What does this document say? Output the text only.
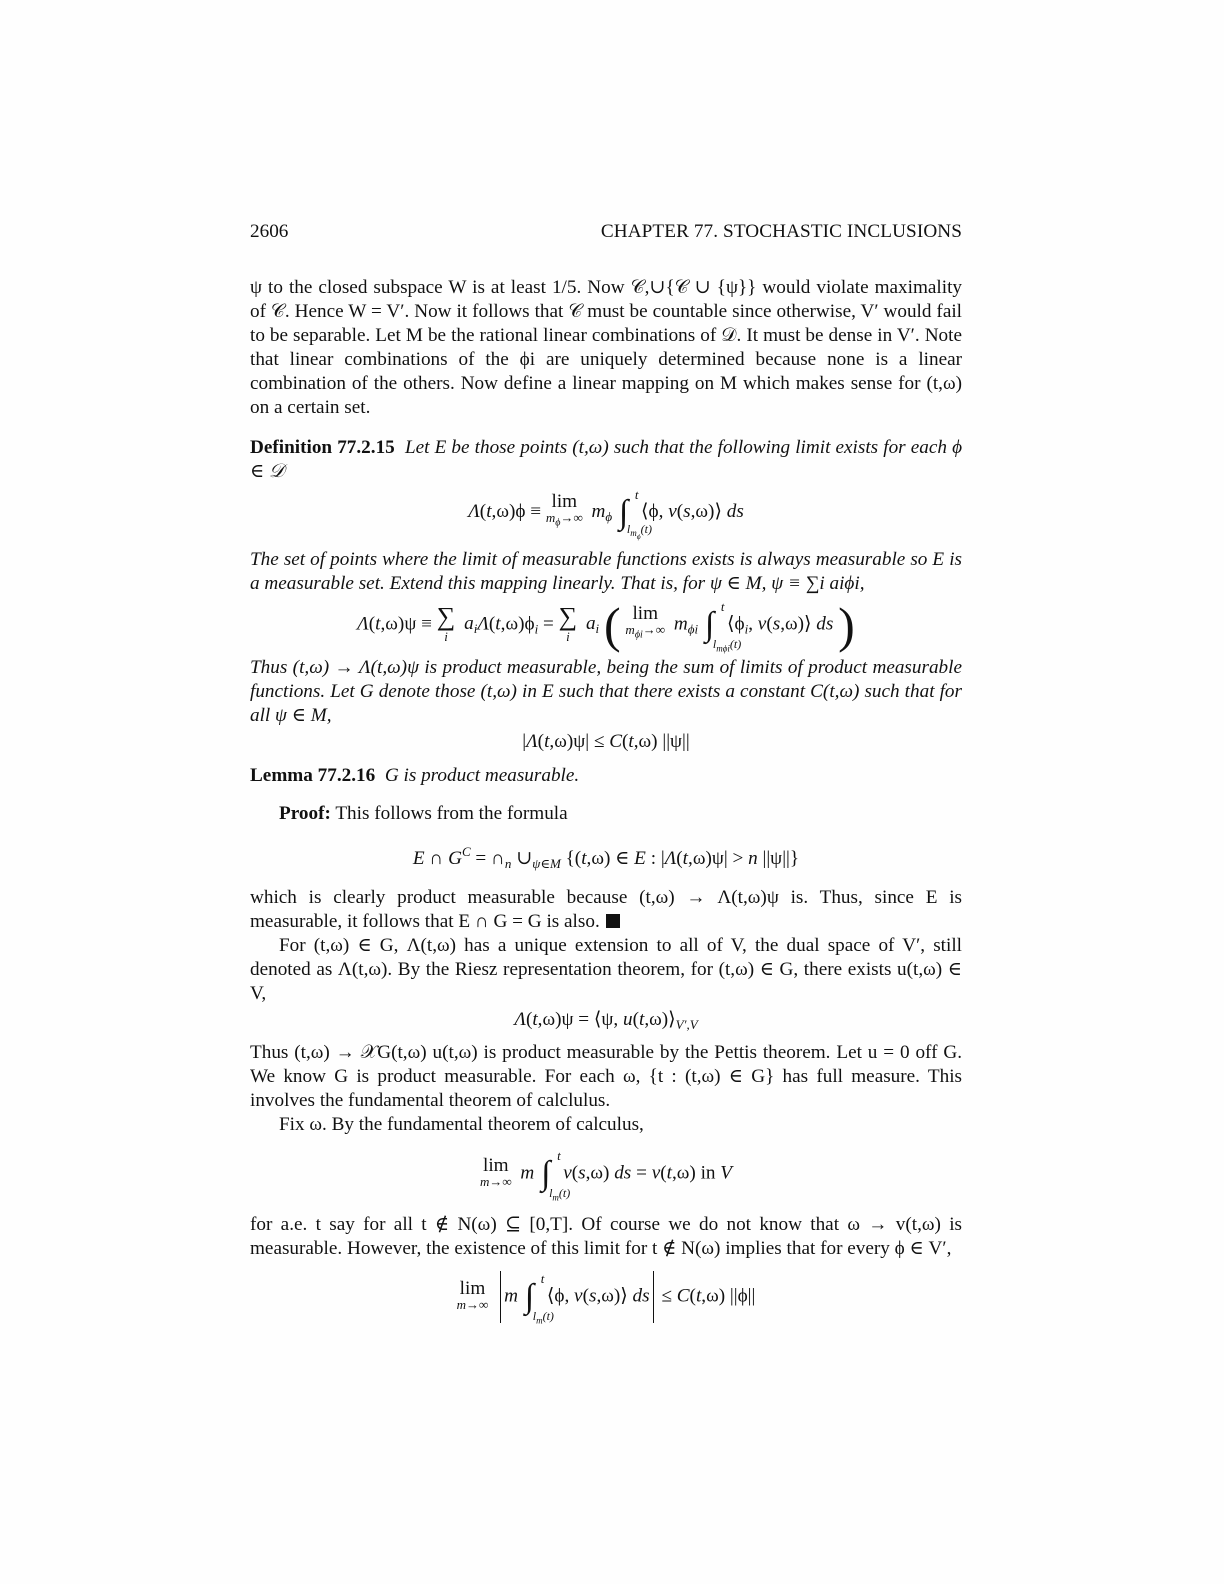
2606	CHAPTER 77. STOCHASTIC INCLUSIONS

ψ to the closed subspace W is at least 1/5. Now 𝒞,∪{𝒞 ∪ {ψ}} would violate maximality of 𝒞. Hence W = V′. Now it follows that 𝒞 must be countable since otherwise, V′ would fail to be separable. Let M be the rational linear combinations of 𝒟. It must be dense in V′. Note that linear combinations of the ϕi are uniquely determined because none is a linear combination of the others. Now define a linear mapping on M which makes sense for (t,ω) on a certain set.

Definition 77.2.15 Let E be those points (t,ω) such that the following limit exists for each ϕ ∈ 𝒟

Λ(t,ω)ϕ ≡ lim
$m_\phi\to\infty$ $m_\phi$ ∫ t
$l_{m_\phi}(t)$
⟨ϕ, v(s,ω)⟩ ds

The set of points where the limit of measurable functions exists is always measurable so E is a measurable set. Extend this mapping linearly. That is, for ψ ∈ M, ψ ≡ ∑i aiϕi,

Λ(t,ω)ψ ≡ ∑
i
$a_i\Lambda(t,\omega)\phi_i$ = ∑
i
$a_i$ ( lim
$m_{\phi i}\to\infty$ $m_{\phi i}$ ∫ t
$l_{m\phi i}(t)$
$⟨\phi_i$, v(s,ω)⟩ ds )

Thus (t,ω) → Λ(t,ω)ψ is product measurable, being the sum of limits of product measurable functions. Let G denote those (t,ω) in E such that there exists a constant C(t,ω) such that for all ψ ∈ M,

|Λ(t,ω)ψ| ≤ C(t,ω) ||ψ||

Lemma 77.2.16 G is product measurable.

Proof: This follows from the formula

E ∩ $G^C$ = $\cap_n$ $\cup_{\psi\in M}$ {(t,ω) ∈ E : |Λ(t,ω)ψ| > n ||ψ||}

which is clearly product measurable because (t,ω) → Λ(t,ω)ψ is. Thus, since E is measurable, it follows that E ∩ G = G is also.

For (t,ω) ∈ G, Λ(t,ω) has a unique extension to all of V, the dual space of V′, still denoted as Λ(t,ω). By the Riesz representation theorem, for (t,ω) ∈ G, there exists u(t,ω) ∈ V,

Λ(t,ω)ψ = ⟨ψ, $u(t,\omega)⟩_{V',V}$

Thus (t,ω) → 𝒳G(t,ω) u(t,ω) is product measurable by the Pettis theorem. Let u = 0 off G. We know G is product measurable. For each ω, {t : (t,ω) ∈ G} has full measure. This involves the fundamental theorem of calclulus.

Fix ω. By the fundamental theorem of calculus,

lim
m→∞ m ∫ t
$l_m(t)$
v(s,ω) ds = v(t,ω) in V

for a.e. t say for all t ∉ N(ω) ⊆ [0,T]. Of course we do not know that ω → v(t,ω) is measurable. However, the existence of this limit for t ∉ N(ω) implies that for every ϕ ∈ V′,

lim
m→∞ m ∫ t
$l_m(t)$
⟨ϕ, v(s,ω)⟩ ds ≤ C(t,ω) ||ϕ||
